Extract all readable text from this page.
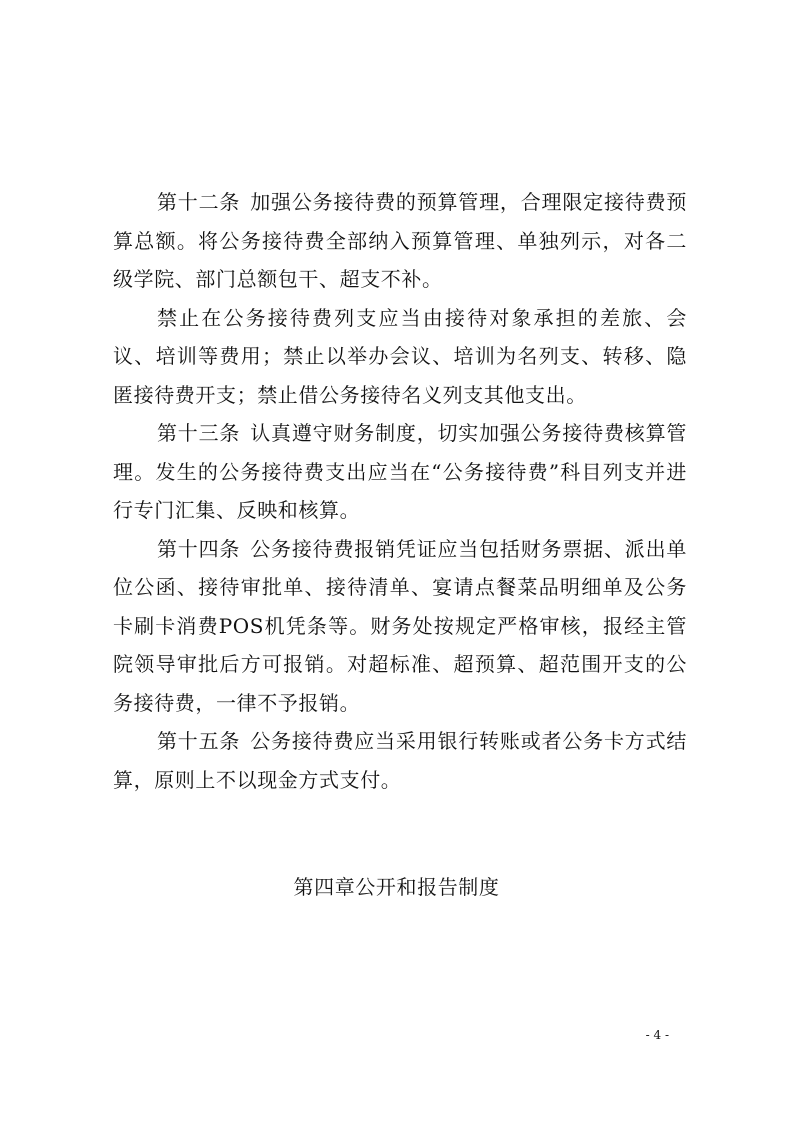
第十二条 加强公务接待费的预算管理，合理限定接待费预算总额。将公务接待费全部纳入预算管理、单独列示，对各二级学院、部门总额包干、超支不补。

禁止在公务接待费列支应当由接待对象承担的差旅、会议、培训等费用；禁止以举办会议、培训为名列支、转移、隐匿接待费开支；禁止借公务接待名义列支其他支出。

第十三条 认真遵守财务制度，切实加强公务接待费核算管理。发生的公务接待费支出应当在“公务接待费”科目列支并进行专门汇集、反映和核算。

第十四条 公务接待费报销凭证应当包括财务票据、派出单位公函、接待审批单、接待清单、宴请点餐菜品明细单及公务卡刷卡消费POS机凭条等。财务处按规定严格审核，报经主管院领导审批后方可报销。对超标准、超预算、超范围开支的公务接待费，一律不予报销。

第十五条 公务接待费应当采用银行转账或者公务卡方式结算，原则上不以现金方式支付。

第四章公开和报告制度
- 4 -
